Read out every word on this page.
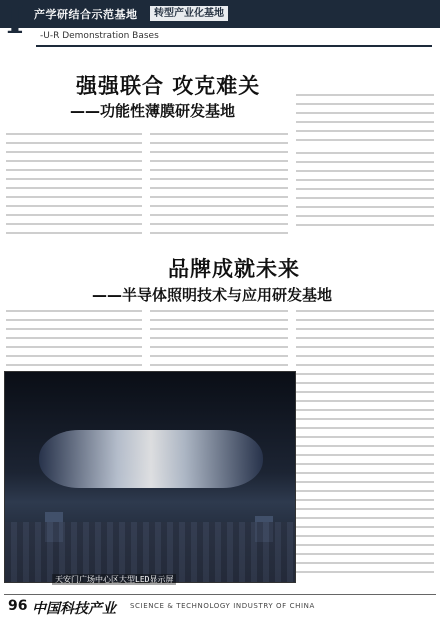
I 产学研结合示范基地	转型产业化基地
-U-R Demonstration Bases
强强联合 攻克难关
——功能性薄膜研发基地
品牌成就未来
——半导体照明技术与应用研发基地
天安门广场中心区大型LED显示屏
96 中国科技产业 SCIENCE & TECHNOLOGY INDUSTRY OF CHINA
